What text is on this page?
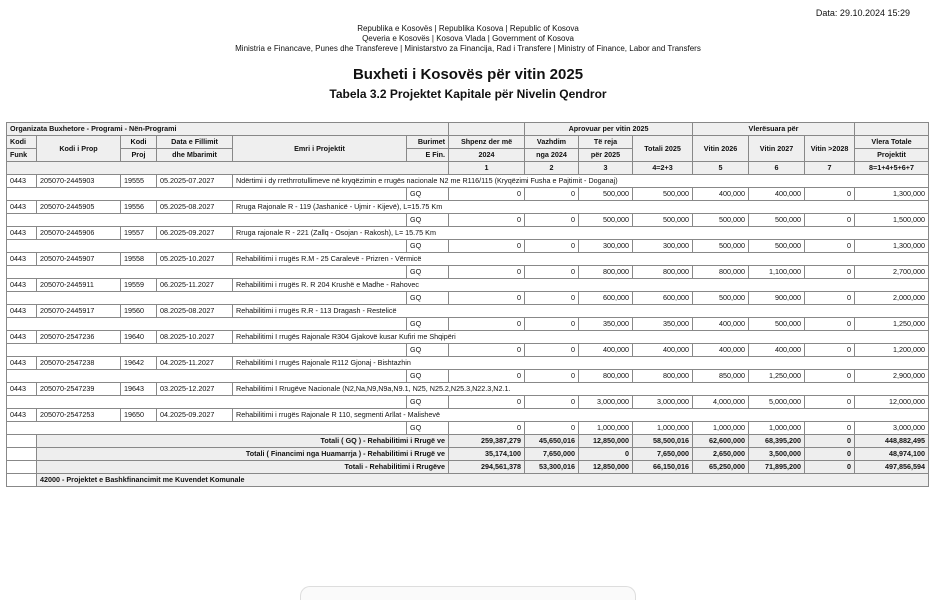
Data: 29.10.2024 15:29
Republika e Kosovës | Republika Kosova | Republic of Kosova
Qeveria e Kosovës | Kosova Vlada | Government of Kosova
Ministria e Financave, Punes dhe Transfereve | Ministarstvo za Financija, Rad i Transfere | Ministry of Finance, Labor and Transfers
Buxheti i Kosovës për vitin 2025
Tabela 3.2 Projektet Kapitale për Nivelin Qendror
Organizata Buxhetore - Programi - Nën-Programi							Aprovuar per vitin 2025			Vlerësuara për			
Kodi	Kodi i Prop	Kodi	Data e Fillimit	Emri i Projektit	Burimet	Shpenz der më	Vazhdim	Të reja	Totali 2025	Vitin 2026	Vitin 2027	Vitin >2028	Vlera Totale
Funk		Proj	dhe Mbarimit		E Fin.	2024	nga 2024	për 2025					Projektit
						1	2	3	4=2+3	5	6	7	8=1+4+5+6+7
0443	205070-2445903	19555	05.2025-07.2027	Ndërtimi i dy rrethrrotullimeve në kryqëzimin e rrugës nacionale N2 me R116/115 (Kryqëzimi Fusha e Pajtimit - Doganaj)									
					GQ	0	0	500,000	500,000	400,000	400,000	0	1,300,000
0443	205070-2445905	19556	05.2025-08.2027	Rruga Rajonale R - 119 (Jashanicë - Ujmir - Kijevë), L=15.75 Km									
					GQ	0	0	500,000	500,000	500,000	500,000	0	1,500,000
0443	205070-2445906	19557	06.2025-09.2027	Rruga rajonale R - 221 (Zallq - Osojan - Rakosh), L= 15.75 Km									
					GQ	0	0	300,000	300,000	500,000	500,000	0	1,300,000
0443	205070-2445907	19558	05.2025-10.2027	Rehabilitimi i rrugës R.M - 25 Caralevë - Prizren - Vërmicë									
					GQ	0	0	800,000	800,000	800,000	1,100,000	0	2,700,000
0443	205070-2445911	19559	06.2025-11.2027	Rehabilitimi i rrugës R. R 204 Krushë e Madhe - Rahovec									
					GQ	0	0	600,000	600,000	500,000	900,000	0	2,000,000
0443	205070-2445917	19560	08.2025-08.2027	Rehabilitimi i rrugës R.R - 113 Dragash - Restelicë									
					GQ	0	0	350,000	350,000	400,000	500,000	0	1,250,000
0443	205070-2547236	19640	08.2025-10.2027	Rehabilitimi I rrugës Rajonale R304 Gjakovë kusar Kufiri me Shqipëri									
					GQ	0	0	400,000	400,000	400,000	400,000	0	1,200,000
0443	205070-2547238	19642	04.2025-11.2027	Rehabilitimi I rrugës Rajonale R112 Gjonaj - Bishtazhin									
					GQ	0	0	800,000	800,000	850,000	1,250,000	0	2,900,000
0443	205070-2547239	19643	03.2025-12.2027	Rehabilitimi I Rrugëve Nacionale (N2,Na,N9,N9a,N9.1, N25, N25.2,N25.3,N22.3,N2.1.									
					GQ	0	0	3,000,000	3,000,000	4,000,000	5,000,000	0	12,000,000
0443	205070-2547253	19650	04.2025-09.2027	Rehabilitimi i rrugës Rajonale R 110, segmenti Arllat - Malishevë									
					GQ	0	0	1,000,000	1,000,000	1,000,000	1,000,000	0	3,000,000
	Totali ( GQ ) - Rehabilitimi i Rrugë ve					259,387,279	45,650,016	12,850,000	58,500,016	62,600,000	68,395,200	0	448,882,495
	Totali ( Financimi nga Huamarrja ) - Rehabilitimi i Rrugë ve					35,174,100	7,650,000	0	7,650,000	2,650,000	3,500,000	0	48,974,100
	Totali - Rehabilitimi i Rrugëve					294,561,378	53,300,016	12,850,000	66,150,016	65,250,000	71,895,200	0	497,856,594
	42000 - Projektet e Bashkfinancimit me Kuvendet Komunale												
